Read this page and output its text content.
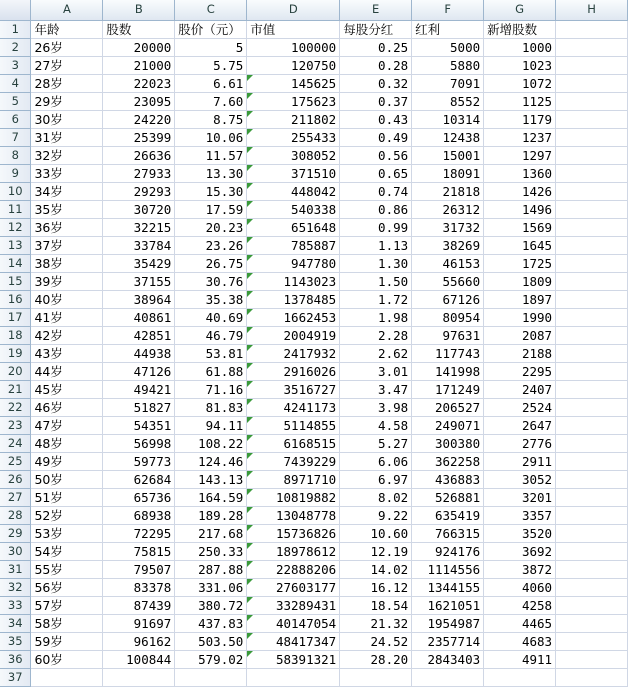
	A	B	C	D	E	F	G	H
1	年龄	股数	股价（元）	市值	每股分红	红利	新增股数	
2	26岁	20000	5	100000	0.25	5000	1000	
3	27岁	21000	5.75	120750	0.28	5880	1023	
4	28岁	22023	6.61	145625	0.32	7091	1072	
5	29岁	23095	7.60	175623	0.37	8552	1125	
6	30岁	24220	8.75	211802	0.43	10314	1179	
7	31岁	25399	10.06	255433	0.49	12438	1237	
8	32岁	26636	11.57	308052	0.56	15001	1297	
9	33岁	27933	13.30	371510	0.65	18091	1360	
10	34岁	29293	15.30	448042	0.74	21818	1426	
11	35岁	30720	17.59	540338	0.86	26312	1496	
12	36岁	32215	20.23	651648	0.99	31732	1569	
13	37岁	33784	23.26	785887	1.13	38269	1645	
14	38岁	35429	26.75	947780	1.30	46153	1725	
15	39岁	37155	30.76	1143023	1.50	55660	1809	
16	40岁	38964	35.38	1378485	1.72	67126	1897	
17	41岁	40861	40.69	1662453	1.98	80954	1990	
18	42岁	42851	46.79	2004919	2.28	97631	2087	
19	43岁	44938	53.81	2417932	2.62	117743	2188	
20	44岁	47126	61.88	2916026	3.01	141998	2295	
21	45岁	49421	71.16	3516727	3.47	171249	2407	
22	46岁	51827	81.83	4241173	3.98	206527	2524	
23	47岁	54351	94.11	5114855	4.58	249071	2647	
24	48岁	56998	108.22	6168515	5.27	300380	2776	
25	49岁	59773	124.46	7439229	6.06	362258	2911	
26	50岁	62684	143.13	8971710	6.97	436883	3052	
27	51岁	65736	164.59	10819882	8.02	526881	3201	
28	52岁	68938	189.28	13048778	9.22	635419	3357	
29	53岁	72295	217.68	15736826	10.60	766315	3520	
30	54岁	75815	250.33	18978612	12.19	924176	3692	
31	55岁	79507	287.88	22888206	14.02	1114556	3872	
32	56岁	83378	331.06	27603177	16.12	1344155	4060	
33	57岁	87439	380.72	33289431	18.54	1621051	4258	
34	58岁	91697	437.83	40147054	21.32	1954987	4465	
35	59岁	96162	503.50	48417347	24.52	2357714	4683	
36	60岁	100844	579.02	58391321	28.20	2843403	4911	
37								
